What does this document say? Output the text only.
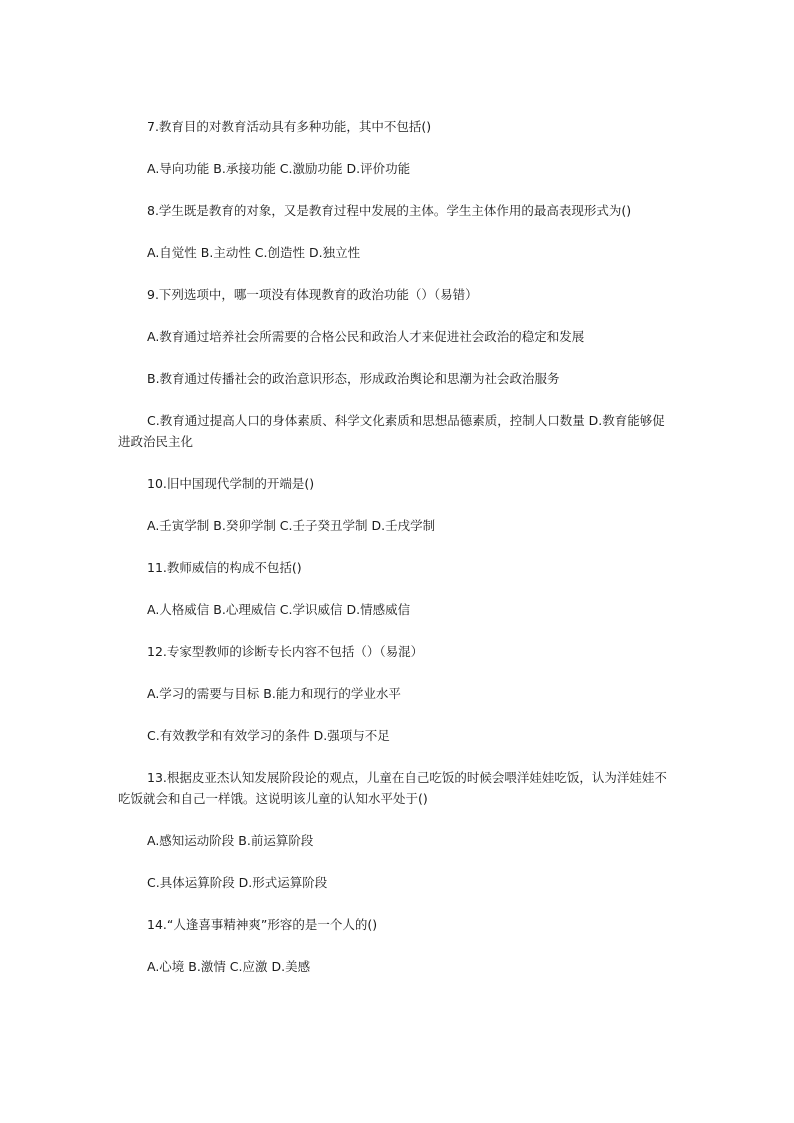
7.教育目的对教育活动具有多种功能，其中不包括()

A.导向功能 B.承接功能 C.激励功能 D.评价功能

8.学生既是教育的对象，又是教育过程中发展的主体。学生主体作用的最高表现形式为()

A.自觉性 B.主动性 C.创造性 D.独立性

9.下列选项中，哪一项没有体现教育的政治功能（）（易错）

A.教育通过培养社会所需要的合格公民和政治人才来促进社会政治的稳定和发展

B.教育通过传播社会的政治意识形态，形成政治舆论和思潮为社会政治服务

C.教育通过提高人口的身体素质、科学文化素质和思想品德素质，控制人口数量 D.教育能够促进政治民主化

10.旧中国现代学制的开端是()

A.壬寅学制 B.癸卯学制 C.壬子癸丑学制 D.壬戌学制

11.教师威信的构成不包括()

A.人格威信 B.心理威信 C.学识威信 D.情感威信

12.专家型教师的诊断专长内容不包括（）（易混）

A.学习的需要与目标 B.能力和现行的学业水平

C.有效教学和有效学习的条件 D.强项与不足

13.根据皮亚杰认知发展阶段论的观点，儿童在自己吃饭的时候会喂洋娃娃吃饭，认为洋娃娃不吃饭就会和自己一样饿。这说明该儿童的认知水平处于()

A.感知运动阶段 B.前运算阶段

C.具体运算阶段 D.形式运算阶段

14.“人逢喜事精神爽”形容的是一个人的()

A.心境 B.激情 C.应激 D.美感
